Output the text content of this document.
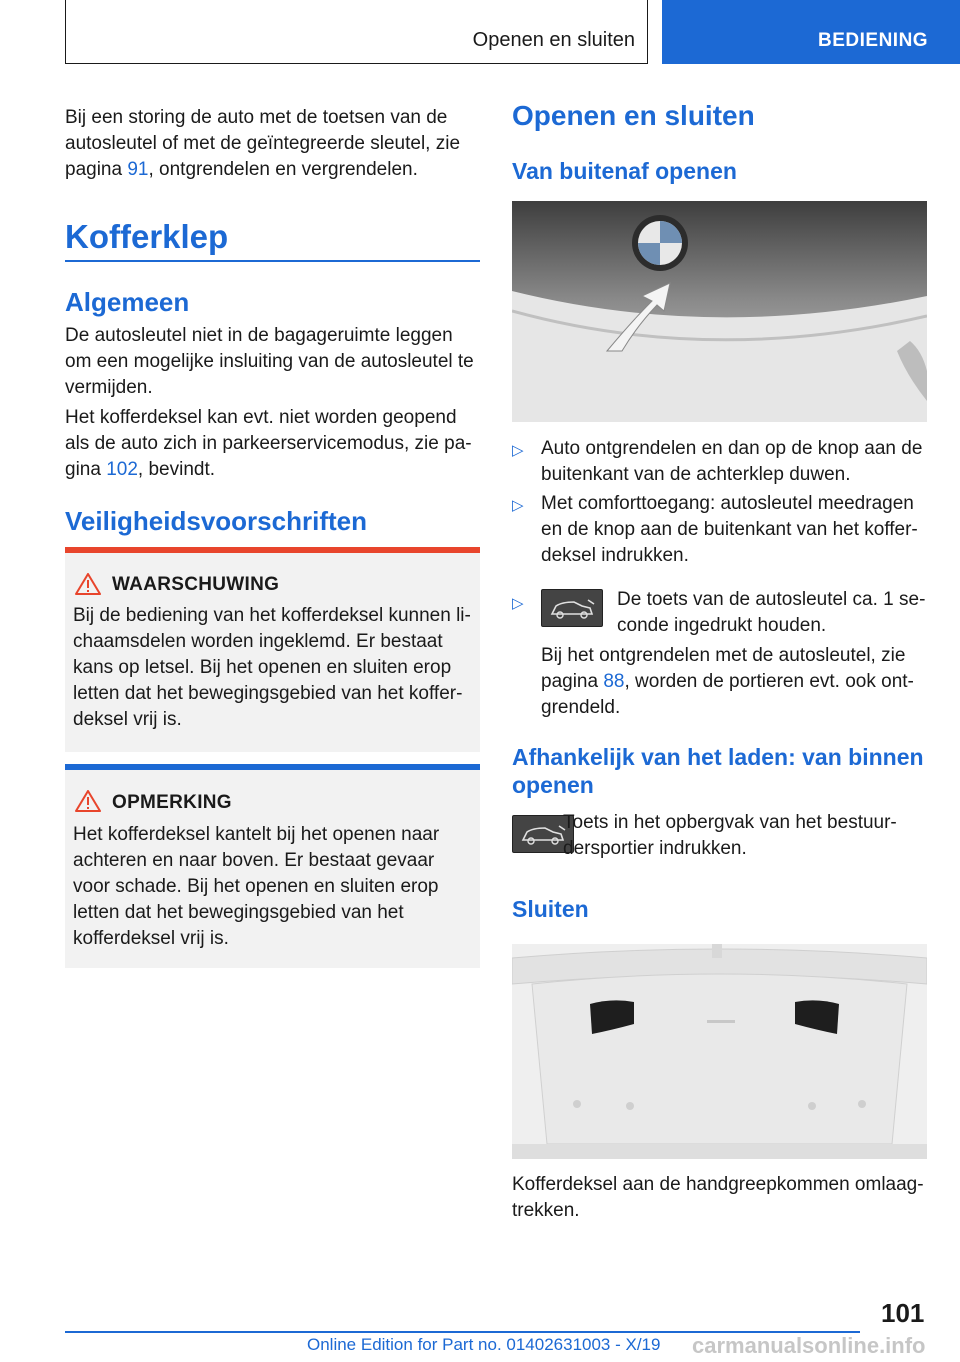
Openen en sluiten	BEDIENING
Bij een storing de auto met de toetsen van de autosleutel of met de geïntegreerde sleutel, zie pagina 91, ontgrendelen en vergrendelen.
Kofferklep
Algemeen
De autosleutel niet in de bagageruimte leggen om een mogelijke insluiting van de autosleutel te vermijden.
Het kofferdeksel kan evt. niet worden geopend als de auto zich in parkeerservicemodus, zie pa-gina 102, bevindt.
Veiligheidsvoorschriften
WAARSCHUWING
Bij de bediening van het kofferdeksel kunnen li-chaamsdelen worden ingeklemd. Er bestaat kans op letsel. Bij het openen en sluiten erop letten dat het bewegingsgebied van het koffer-deksel vrij is.
OPMERKING
Het kofferdeksel kantelt bij het openen naar achteren en naar boven. Er bestaat gevaar voor schade. Bij het openen en sluiten erop letten dat het bewegingsgebied van het kofferdeksel vrij is.
Openen en sluiten
Van buitenaf openen
▷ Auto ontgrendelen en dan op de knop aan de buitenkant van de achterklep duwen.
▷ Met comforttoegang: autosleutel meedragen en de knop aan de buitenkant van het koffer-deksel indrukken.
▷	De toets van de autosleutel ca. 1 se-conde ingedrukt houden.
Bij het ontgrendelen met de autosleutel, zie pagina 88, worden de portieren evt. ook ont-grendeld.
Afhankelijk van het laden: van binnen openen
Toets in het opbergvak van het bestuur-dersportier indrukken.
Sluiten
Kofferdeksel aan de handgreepkommen omlaag-trekken.
101
Online Edition for Part no. 01402631003 - X/19 carmanualsonline.info
